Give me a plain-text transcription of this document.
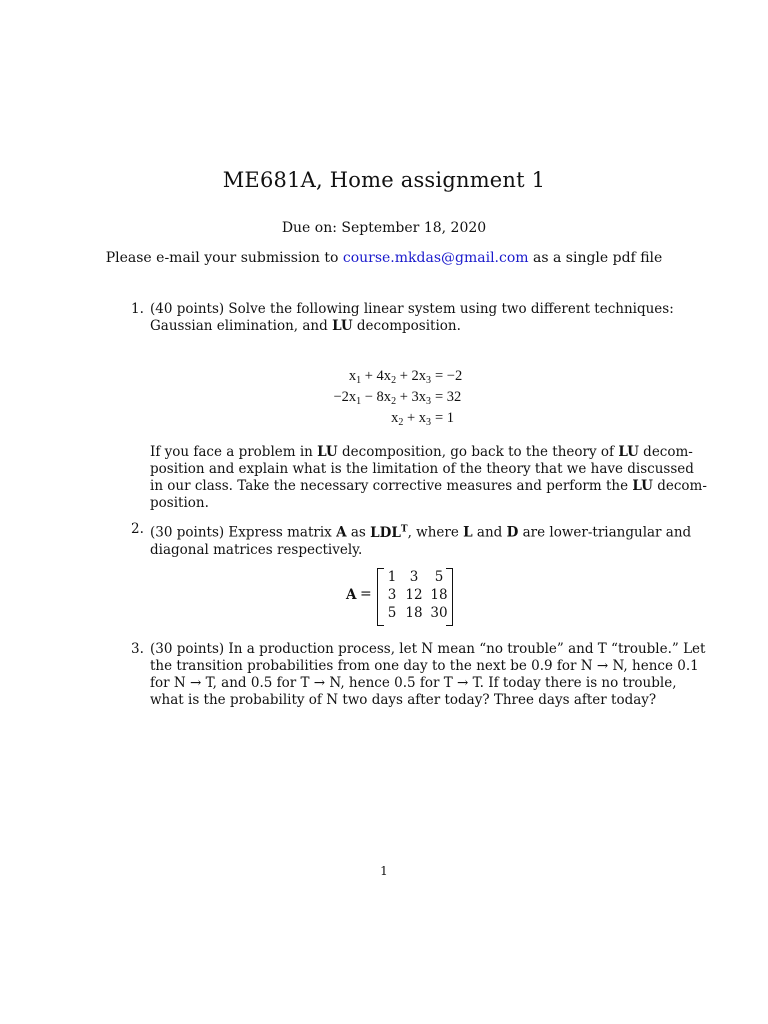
ME681A, Home assignment 1
Due on: September 18, 2020
Please e-mail your submission to course.mkdas@gmail.com as a single pdf file
1. (40 points) Solve the following linear system using two different techniques:
Gaussian elimination, and LU decomposition.
$x_1 + 4x_2 + 2x_3 = -2$
$-2x_1 - 8x_2 + 3x_3 = 32$
$x_2 + x_3 = 1$
If you face a problem in LU decomposition, go back to the theory of LU decom-
position and explain what is the limitation of the theory that we have discussed
in our class. Take the necessary corrective measures and perform the LU decom-
position.
2. (30 points) Express matrix A as $LDL^T$, where L and D are lower-triangular and
diagonal matrices respectively.
A =
1 3	5
3 12 18
5 18 30
3. (30 points) In a production process, let N mean “no trouble” and T “trouble.” Let
the transition probabilities from one day to the next be 0.9 for N → N, hence 0.1
for N → T, and 0.5 for T → N, hence 0.5 for T → T. If today there is no trouble,
what is the probability of N two days after today? Three days after today?
1
